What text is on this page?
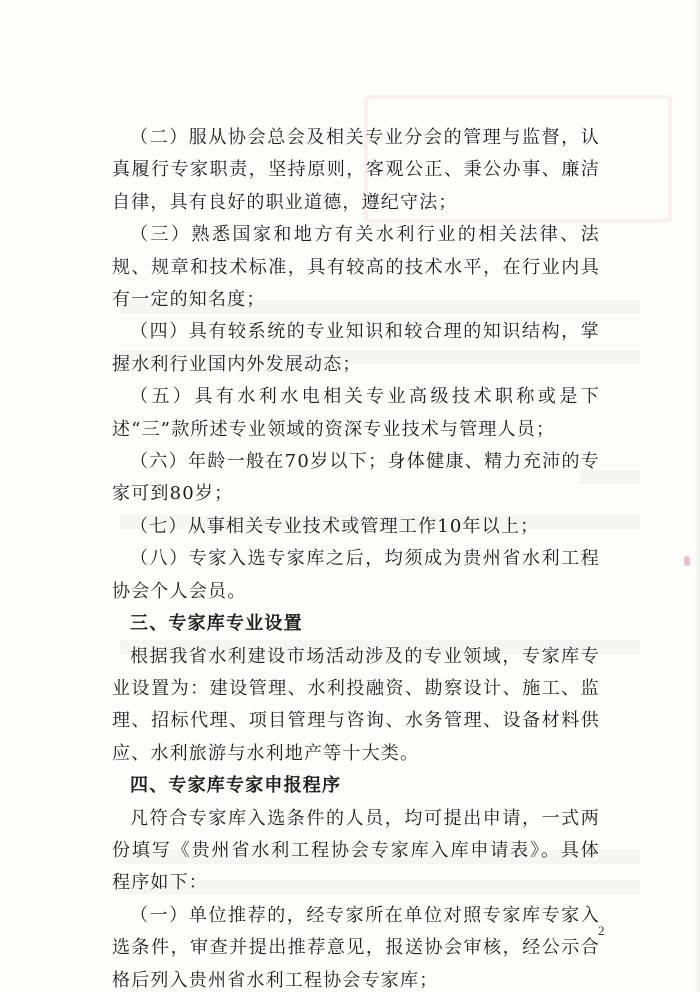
（二）服从协会总会及相关专业分会的管理与监督，认真履行专家职责，坚持原则，客观公正、秉公办事、廉洁自律，具有良好的职业道德，遵纪守法；

（三）熟悉国家和地方有关水利行业的相关法律、法规、规章和技术标准，具有较高的技术水平，在行业内具有一定的知名度；

（四）具有较系统的专业知识和较合理的知识结构，掌握水利行业国内外发展动态；

（五）具有水利水电相关专业高级技术职称或是下述“三”款所述专业领域的资深专业技术与管理人员；

（六）年龄一般在70岁以下；身体健康、精力充沛的专家可到80岁；

（七）从事相关专业技术或管理工作10年以上；

（八）专家入选专家库之后，均须成为贵州省水利工程协会个人会员。

三、专家库专业设置

根据我省水利建设市场活动涉及的专业领域，专家库专业设置为：建设管理、水利投融资、勘察设计、施工、监理、招标代理、项目管理与咨询、水务管理、设备材料供应、水利旅游与水利地产等十大类。

四、专家库专家申报程序

凡符合专家库入选条件的人员，均可提出申请，一式两份填写《贵州省水利工程协会专家库入库申请表》。具体程序如下：

（一）单位推荐的，经专家所在单位对照专家库专家入选条件，审查并提出推荐意见，报送协会审核，经公示合格后列入贵州省水利工程协会专家库；

2
